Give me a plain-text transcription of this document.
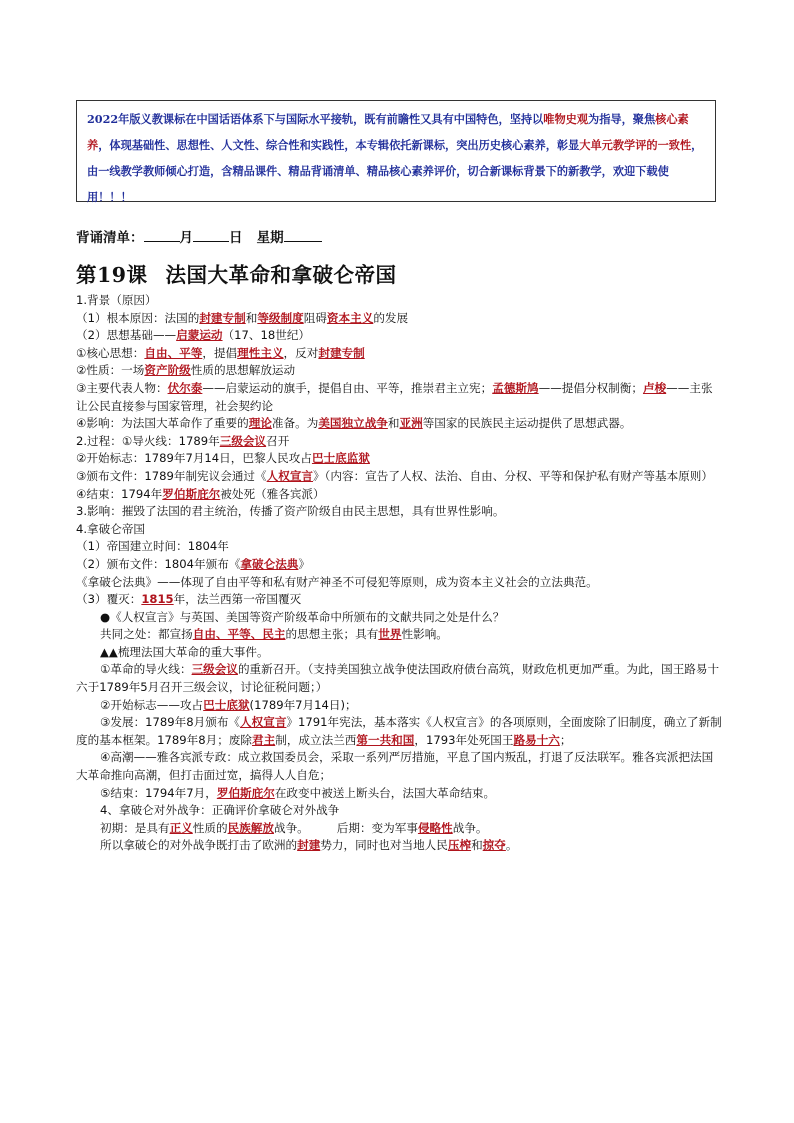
2022年版义教课标在中国话语体系下与国际水平接轨，既有前瞻性又具有中国特色，坚持以唯物史观为指导，聚焦核心素养，体现基础性、思想性、人文性、综合性和实践性，本专辑依托新课标，突出历史核心素养，彰显大单元教学评的一致性，由一线教学教师倾心打造，含精品课件、精品背诵清单、精品核心素养评价，切合新课标背景下的新教学，欢迎下载使用！！！
背诵清单：	月	日 星期
第19课 法国大革命和拿破仑帝国
1.背景（原因）
（1）根本原因：法国的封建专制和等级制度阻碍资本主义的发展
（2）思想基础——启蒙运动（17、18世纪）
①核心思想：自由、平等，提倡理性主义，反对封建专制
②性质：一场资产阶级性质的思想解放运动
③主要代表人物：伏尔泰——启蒙运动的旗手，提倡自由、平等，推崇君主立宪；孟德斯鸠——提倡分权制衡；卢梭——主张让公民直接参与国家管理，社会契约论
④影响：为法国大革命作了重要的理论准备。为美国独立战争和亚洲等国家的民族民主运动提供了思想武器。
2.过程：①导火线：1789年三级会议召开
②开始标志：1789年7月14日，巴黎人民攻占巴士底监狱
③颁布文件：1789年制宪议会通过《人权宣言》（内容：宣告了人权、法治、自由、分权、平等和保护私有财产等基本原则）
④结束：1794年罗伯斯庇尔被处死（雅各宾派）
3.影响：摧毁了法国的君主统治，传播了资产阶级自由民主思想，具有世界性影响。
4.拿破仑帝国
（1）帝国建立时间：1804年
（2）颁布文件：1804年颁布《拿破仑法典》
《拿破仑法典》——体现了自由平等和私有财产神圣不可侵犯等原则，成为资本主义社会的立法典范。
（3）覆灭：1815年，法兰西第一帝国覆灭
●《人权宣言》与英国、美国等资产阶级革命中所颁布的文献共同之处是什么？
共同之处：都宣扬自由、平等、民主的思想主张；具有世界性影响。
▲▲梳理法国大革命的重大事件。
①革命的导火线：三级会议的重新召开。（支持美国独立战争使法国政府债台高筑，财政危机更加严重。为此，国王路易十六于1789年5月召开三级会议，讨论征税问题；）
②开始标志——攻占巴士底狱(1789年7月14日)；
③发展：1789年8月颁布《人权宣言》1791年宪法，基本落实《人权宣言》的各项原则，全面废除了旧制度，确立了新制度的基本框架。1789年8月；废除君主制，成立法兰西第一共和国，1793年处死国王路易十六；
④高潮——雅各宾派专政：成立救国委员会，采取一系列严厉措施，平息了国内叛乱，打退了反法联军。雅各宾派把法国大革命推向高潮，但打击面过宽，搞得人人自危；
⑤结束：1794年7月，罗伯斯庇尔在政变中被送上断头台，法国大革命结束。
4、拿破仑对外战争：正确评价拿破仑对外战争
初期：是具有正义性质的民族解放战争。 后期：变为军事侵略性战争。
所以拿破仑的对外战争既打击了欧洲的封建势力，同时也对当地人民压榨和掠夺。
